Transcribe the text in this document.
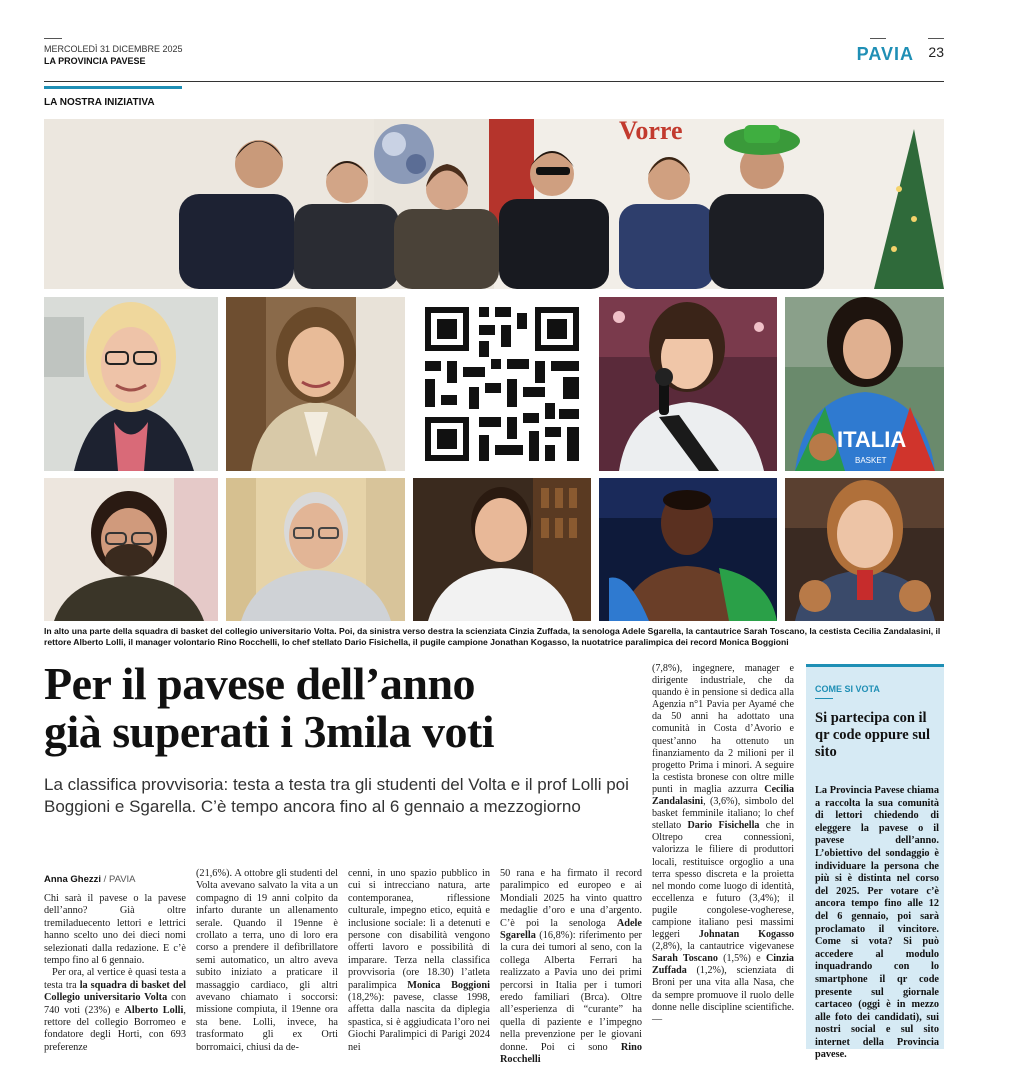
MERCOLEDÌ 31 DICEMBRE 2025
LA PROVINCIA PAVESE	PAVIA 23
LA NOSTRA INIZIATIVA
Vorre
ITALIA
BASKET
In alto una parte della squadra di basket del collegio universitario Volta. Poi, da sinistra verso destra la scienziata Cinzia Zuffada, la senologa Adele Sgarella, la cantautrice Sarah Toscano, la cestista Cecilia Zandalasini, il rettore Alberto Lolli, il manager volontario Rino Rocchelli, lo chef stellato Dario Fisichella, il pugile campione Jonathan Kogasso, la nuotatrice paralimpica dei record Monica Boggioni
Per il pavese dell’anno
già superati i 3mila voti
La classifica provvisoria: testa a testa tra gli studenti del Volta e il prof Lolli poi Boggioni e Sgarella. C’è tempo ancora fino al 6 gennaio a mezzogiorno
Anna Ghezzi / PAVIA

Chi sarà il pavese o la pavese dell’anno? Già oltre tremiladuecento lettori e lettrici hanno scelto uno dei dieci nomi selezionati dalla redazione. E c’è tempo fino al 6 gennaio.

Per ora, al vertice è quasi testa a testa tra la squadra di basket del Collegio universitario Volta con 740 voti (23%) e Alberto Lolli, rettore del collegio Borromeo e fondatore degli Horti, con 693 preferenze

(21,6%). A ottobre gli studenti del Volta avevano salvato la vita a un compagno di 19 anni colpito da infarto durante un allenamento serale. Quando il 19enne è crollato a terra, uno di loro era corso a prendere il defibrillatore semi automatico, un altro aveva subito iniziato a praticare il massaggio cardiaco, gli altri avevano chiamato i soccorsi: missione compiuta, il 19enne ora sta bene. Lolli, invece, ha trasformato gli ex Orti borromaici, chiusi da de-

cenni, in uno spazio pubblico in cui si intrecciano natura, arte contemporanea, riflessione culturale, impegno etico, equità e inclusione sociale: lì a detenuti e persone con disabilità vengono offerti lavoro e possibilità di imparare. Terza nella classifica provvisoria (ore 18.30) l’atleta paralimpica Monica Boggioni (18,2%): pavese, classe 1998, affetta dalla nascita da diplegia spastica, si è aggiudicata l’oro nei Giochi Paralimpici di Parigi 2024 nei

50 rana e ha firmato il record paralimpico ed europeo e ai Mondiali 2025 ha vinto quattro medaglie d’oro e una d’argento. C’è poi la senologa Adele Sgarella (16,8%): riferimento per la cura dei tumori al seno, con la collega Alberta Ferrari ha realizzato a Pavia uno dei primi percorsi in Italia per i tumori eredo familiari (Brca). Oltre all’esperienza di “curante” ha quella di paziente e l’impegno nella prevenzione per le giovani donne. Poi ci sono Rino Rocchelli

(7,8%), ingegnere, manager e dirigente industriale, che da quando è in pensione si dedica alla Agenzia n°1 Pavia per Ayamé che da 50 anni ha adottato una comunità in Costa d’Avorio e quest’anno ha ottenuto un finanziamento da 2 milioni per il progetto Prima i minori. A seguire la cestista bronese con oltre mille punti in maglia azzurra Cecilia Zandalasini, (3,6%), simbolo del basket femminile italiano; lo chef stellato Dario Fisichella che in Oltrepo crea connessioni, valorizza le filiere di produttori locali, restituisce orgoglio a una terra spesso discreta e la proietta nel mondo come luogo di identità, eccellenza e futuro (3,4%); il pugile congolese-vogherese, campione italiano pesi massimi leggeri Johnatan Kogasso (2,8%), la cantautrice vigevanese Sarah Toscano (1,5%) e Cinzia Zuffada (1,2%), scienziata di Broni per una vita alla Nasa, che da sempre promuove il ruolo delle donne nelle discipline scientifiche. —

COME SI VOTA
Si partecipa con il qr code oppure sul sito
La Provincia Pavese chiama a raccolta la sua comunità di lettori chiedendo di eleggere la pavese o il pavese dell’anno. L’obiettivo del sondaggio è individuare la persona che più si è distinta nel corso del 2025. Per votare c’è ancora tempo fino alle 12 del 6 gennaio, poi sarà proclamato il vincitore. Come si vota? Si può accedere al modulo inquadrando con lo smartphone il qr code presente sul giornale cartaceo (oggi è in mezzo alle foto dei candidati), sui nostri social e sul sito internet della Provincia pavese.
